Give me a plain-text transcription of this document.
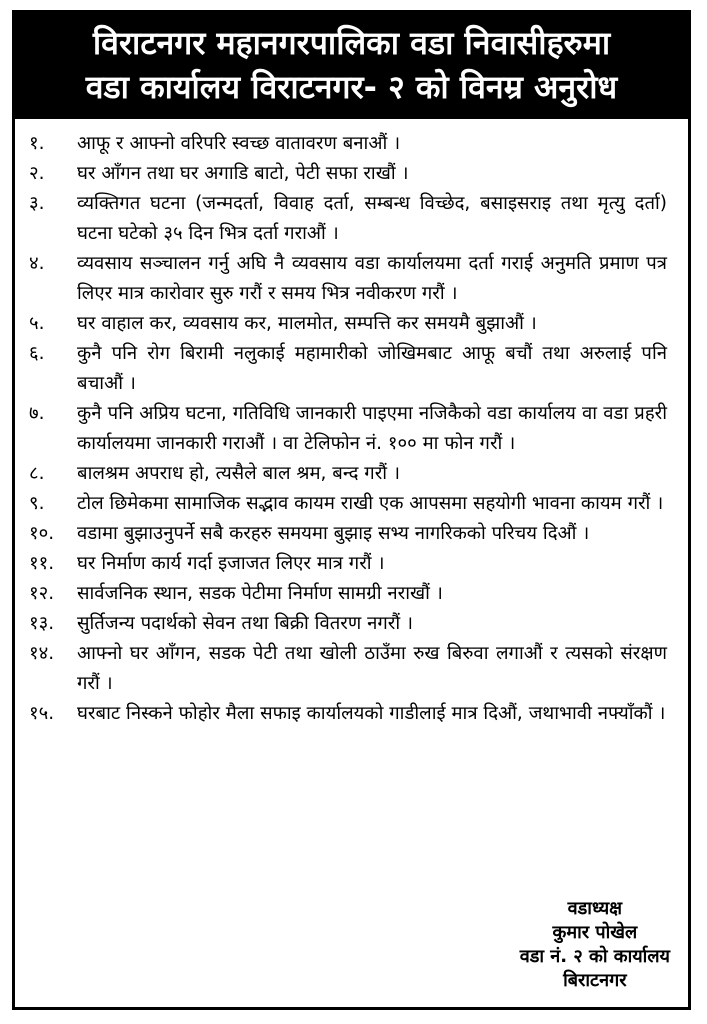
विराटनगर महानगरपालिका वडा निवासीहरुमा
वडा कार्यालय विराटनगर- २ को विनम्र अनुरोध
१.	आफू र आफ्नो वरिपरि स्वच्छ वातावरण बनाऔं ।
२.	घर आँगन तथा घर अगाडि बाटो, पेटी सफा राखौं ।
३.	व्यक्तिगत घटना (जन्मदर्ता, विवाह दर्ता, सम्बन्ध विच्छेद, बसाइसराइ तथा मृत्यु दर्ता) घटना घटेको ३५ दिन भित्र दर्ता गराऔं ।
४.	व्यवसाय सञ्चालन गर्नु अघि नै व्यवसाय वडा कार्यालयमा दर्ता गराई अनुमति प्रमाण पत्र लिएर मात्र कारोवार सुरु गरौं र समय भित्र नवीकरण गरौं ।
५.	घर वाहाल कर, व्यवसाय कर, मालमोत, सम्पत्ति कर समयमै बुझाऔं ।
६.	कुनै पनि रोग बिरामी नलुकाई महामारीको जोखिमबाट आफू बचौं तथा अरुलाई पनि बचाऔं ।
७.	कुनै पनि अप्रिय घटना, गतिविधि जानकारी पाइएमा नजिकैको वडा कार्यालय वा वडा प्रहरी कार्यालयमा जानकारी गराऔं । वा टेलिफोन नं. १०० मा फोन गरौं ।
८.	बालश्रम अपराध हो, त्यसैले बाल श्रम, बन्द गरौं ।
९.	टोल छिमेकमा सामाजिक सद्भाव कायम राखी एक आपसमा सहयोगी भावना कायम गरौं ।
१०.	वडामा बुझाउनुपर्ने सबै करहरु समयमा बुझाइ सभ्य नागरिकको परिचय दिऔं ।
११.	घर निर्माण कार्य गर्दा इजाजत लिएर मात्र गरौं ।
१२.	सार्वजनिक स्थान, सडक पेटीमा निर्माण सामग्री नराखौं ।
१३.	सुर्तिजन्य पदार्थको सेवन तथा बिक्री वितरण नगरौं ।
१४.	आफ्नो घर आँगन, सडक पेटी तथा खोली ठाउँमा रुख बिरुवा लगाऔं र त्यसको संरक्षण गरौं ।
१५.	घरबाट निस्कने फोहोर मैला सफाइ कार्यालयको गाडीलाई मात्र दिऔं, जथाभावी नफ्याँकौं ।
वडाध्यक्ष
कुमार पोखेल
वडा नं. २ को कार्यालय
बिराटनगर
